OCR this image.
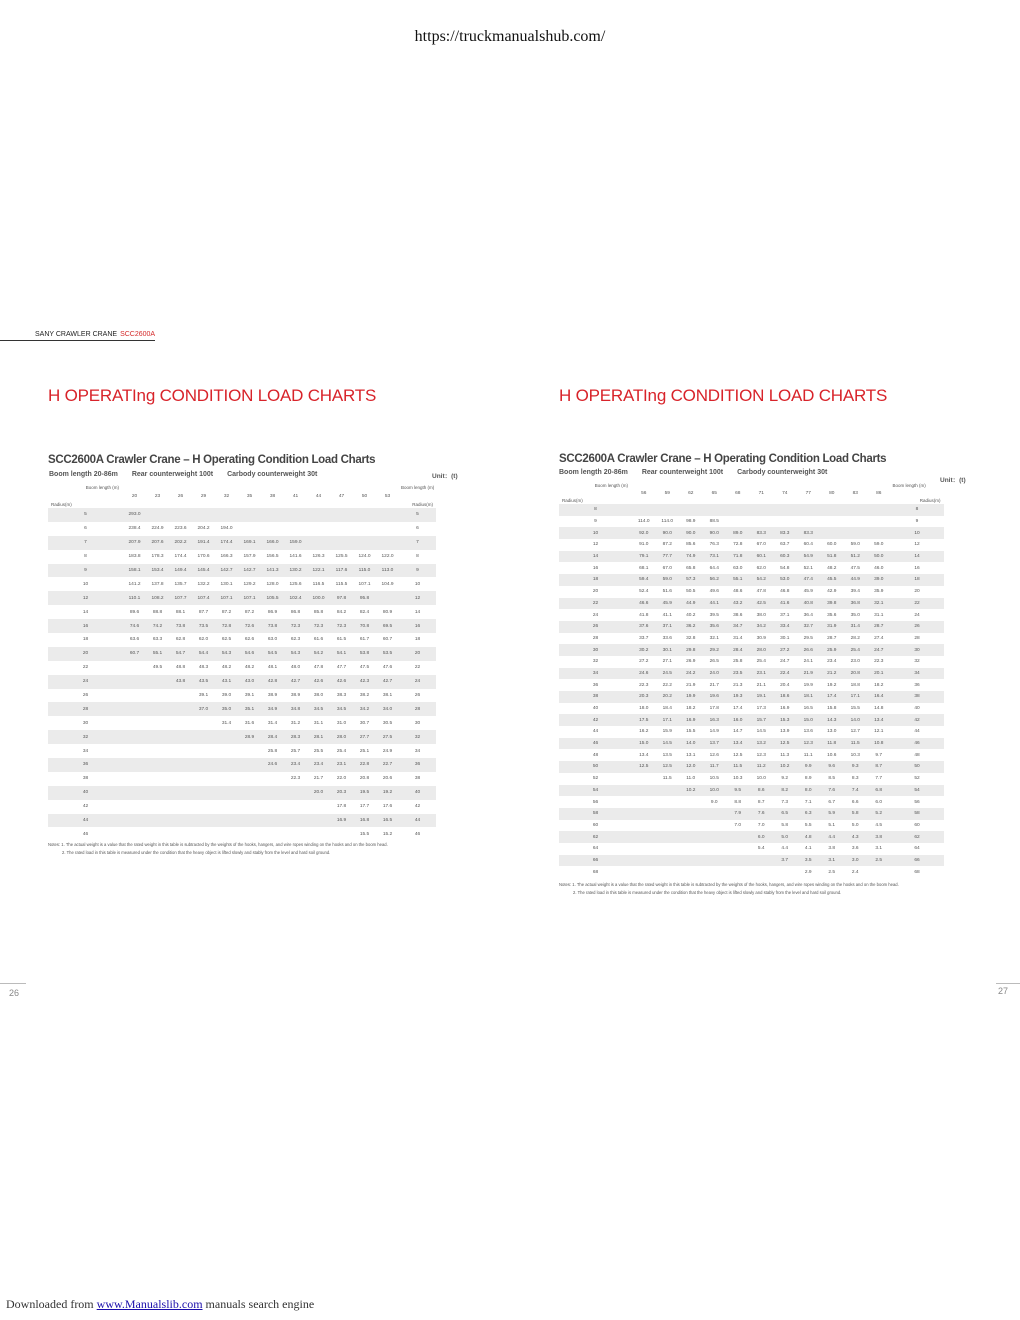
https://truckmanualshub.com/
SANY CRAWLER CRANE SCC2600A
H OPERATIng CONDITION LOAD CHARTS
SCC2600A Crawler Crane – H Operating Condition Load Charts
Boom length 20-86m Rear counterweight 100t Carbody counterweight 30t	Unit：(t)
Boom length (m)
Radius(m)	20	23	26	29	32	35	38	41	44	47	50	53	Boom length (m)
Radius(m)

5	293.0												5
6	238.4	224.9	223.6	204.2	194.0								6
7	207.9	207.6	202.2	191.4	174.4	169.1	166.0	159.0					7
8	183.8	178.3	174.4	170.6	166.3	157.9	156.5	141.6	126.3	125.5	124.0	122.0	8
9	158.1	153.4	149.4	145.4	142.7	142.7	141.3	130.2	122.1	117.6	115.0	113.0	9
10	141.2	137.8	135.7	132.2	130.1	129.2	128.0	125.6	116.5	115.5	107.1	104.9	10
12	110.1	108.2	107.7	107.4	107.1	107.1	105.5	102.4	100.0	97.8	95.8		12
14	89.6	88.8	88.1	87.7	87.2	87.2	86.9	86.8	85.8	84.2	82.4	80.9	14
16	74.6	74.2	73.8	73.5	72.8	72.6	73.8	72.3	72.3	72.3	70.8	69.5	16
18	63.6	63.3	62.8	62.0	62.5	62.6	63.0	62.3	61.6	61.5	61.7	60.7	18
20	60.7	55.1	54.7	54.4	54.3	54.6	54.5	54.3	54.2	54.1	53.8	53.5	20
22		49.5	48.8	48.3	48.2	48.2	48.1	48.0	47.8	47.7	47.5	47.6	22
24			43.8	43.5	43.1	43.0	42.8	42.7	42.6	42.6	42.3	42.7	24
26				39.1	39.0	39.1	38.9	38.9	38.0	38.3	38.2	38.1	26
28				37.0	35.0	35.1	34.9	34.8	34.5	34.5	34.2	34.0	28
30					31.4	31.6	31.4	31.2	31.1	31.0	30.7	30.5	30
32						28.9	28.4	28.3	28.1	28.0	27.7	27.5	32
34							25.8	25.7	25.5	25.4	25.1	24.9	34
36							24.6	23.4	23.4	23.1	22.8	22.7	36
38								22.3	21.7	22.0	20.8	20.6	38
40									20.0	20.3	19.5	19.2	40
42										17.8	17.7	17.6	42
44										16.9	16.8	16.5	44
46											15.5	15.2	46
Notes: 1. The actual weight is a value that the rated weight in this table is subtracted by the weights of the hooks, hangers, and wire ropes winding on the hooks and on the boom head.
2. The rated load in this table is measured under the condition that the heavy object is lifted slowly and stably from the level and hard soil ground.
26
H OPERATIng CONDITION LOAD CHARTS
SCC2600A Crawler Crane – H Operating Condition Load Charts
Boom length 20-86m Rear counterweight 100t Carbody counterweight 30t
Unit：(t)
Boom length (m)
Radius(m)	56	59	62	65	68	71	74	77	80	83	86	Boom length (m)
Radius(m)

8												8
9	114.0	114.0	98.9	88.5								9
10	92.0	90.0	90.0	90.0	89.0	83.3	83.3	83.3				10
12	91.0	87.2	85.6	76.3	72.8	67.0	63.7	60.4	60.0	59.0	59.0	12
14	79.1	77.7	74.9	73.1	71.8	60.1	60.3	54.9	51.8	51.2	50.0	14
16	68.1	67.0	65.8	64.4	63.0	62.0	54.8	52.1	48.2	47.5	46.0	16
18	59.4	59.0	57.3	56.2	55.1	54.2	53.0	47.4	45.5	44.9	39.0	18
20	52.4	51.6	50.5	49.6	48.6	47.8	46.8	45.9	42.9	39.4	35.9	20
22	46.6	45.9	44.9	44.1	43.2	42.5	41.6	40.8	39.8	36.8	32.1	22
24	41.8	41.1	40.2	39.5	38.6	38.0	37.1	36.4	35.6	35.0	31.1	24
26	37.6	37.1	36.2	35.6	34.7	34.2	33.4	32.7	31.9	31.4	28.7	26
28	33.7	33.6	32.8	32.1	31.4	30.9	30.1	29.5	28.7	28.2	27.4	28
30	30.2	30.1	29.8	29.2	28.4	28.0	27.2	26.6	25.9	25.4	24.7	30
32	27.2	27.1	26.9	26.5	25.8	25.4	24.7	24.1	23.4	23.0	22.3	32
34	24.6	24.5	24.2	24.0	23.5	23.1	22.4	21.9	21.2	20.8	20.1	34
36	22.3	22.2	21.9	21.7	21.3	21.1	20.4	19.9	19.2	18.8	18.2	36
38	20.3	20.2	19.9	19.6	19.3	19.1	18.6	18.1	17.4	17.1	16.4	38
40	18.0	18.4	18.2	17.8	17.4	17.3	16.9	16.5	15.8	15.5	14.8	40
42	17.5	17.1	16.9	16.3	16.0	15.7	15.3	15.0	14.3	14.0	13.4	42
44	16.2	15.9	15.5	14.9	14.7	14.5	13.9	13.6	13.0	12.7	12.1	44
46	15.0	14.5	14.0	13.7	13.4	13.2	12.5	12.3	11.8	11.5	10.8	46
48	13.4	13.5	13.1	12.6	12.5	12.3	11.3	11.1	10.6	10.3	9.7	48
50	12.5	12.5	12.0	11.7	11.5	11.2	10.2	9.9	9.6	9.3	8.7	50
52		11.5	11.0	10.5	10.3	10.0	9.2	8.9	8.5	8.3	7.7	52
54			10.2	10.0	9.5	8.6	8.2	8.0	7.6	7.4	6.8	54
56				9.0	8.8	8.7	7.3	7.1	6.7	6.6	6.0	56
58					7.9	7.6	6.5	6.3	5.9	5.8	5.2	58
60					7.0	7.0	5.8	5.5	5.1	5.0	4.5	60
62						6.0	5.0	4.8	4.4	4.3	3.8	62
64						5.4	4.4	4.1	3.8	3.6	3.1	64
66							3.7	3.5	3.1	3.0	2.5	66
68								2.9	2.5	2.4		68
Notes: 1. The actual weight is a value that the rated weight in this table is subtracted by the weights of the hooks, hangers, and wire ropes winding on the hooks and on the boom head.
2. The rated load in this table is measured under the condition that the heavy object is lifted slowly and stably from the level and hard soil ground.
27
Downloaded from www.Manualslib.com manuals search engine
